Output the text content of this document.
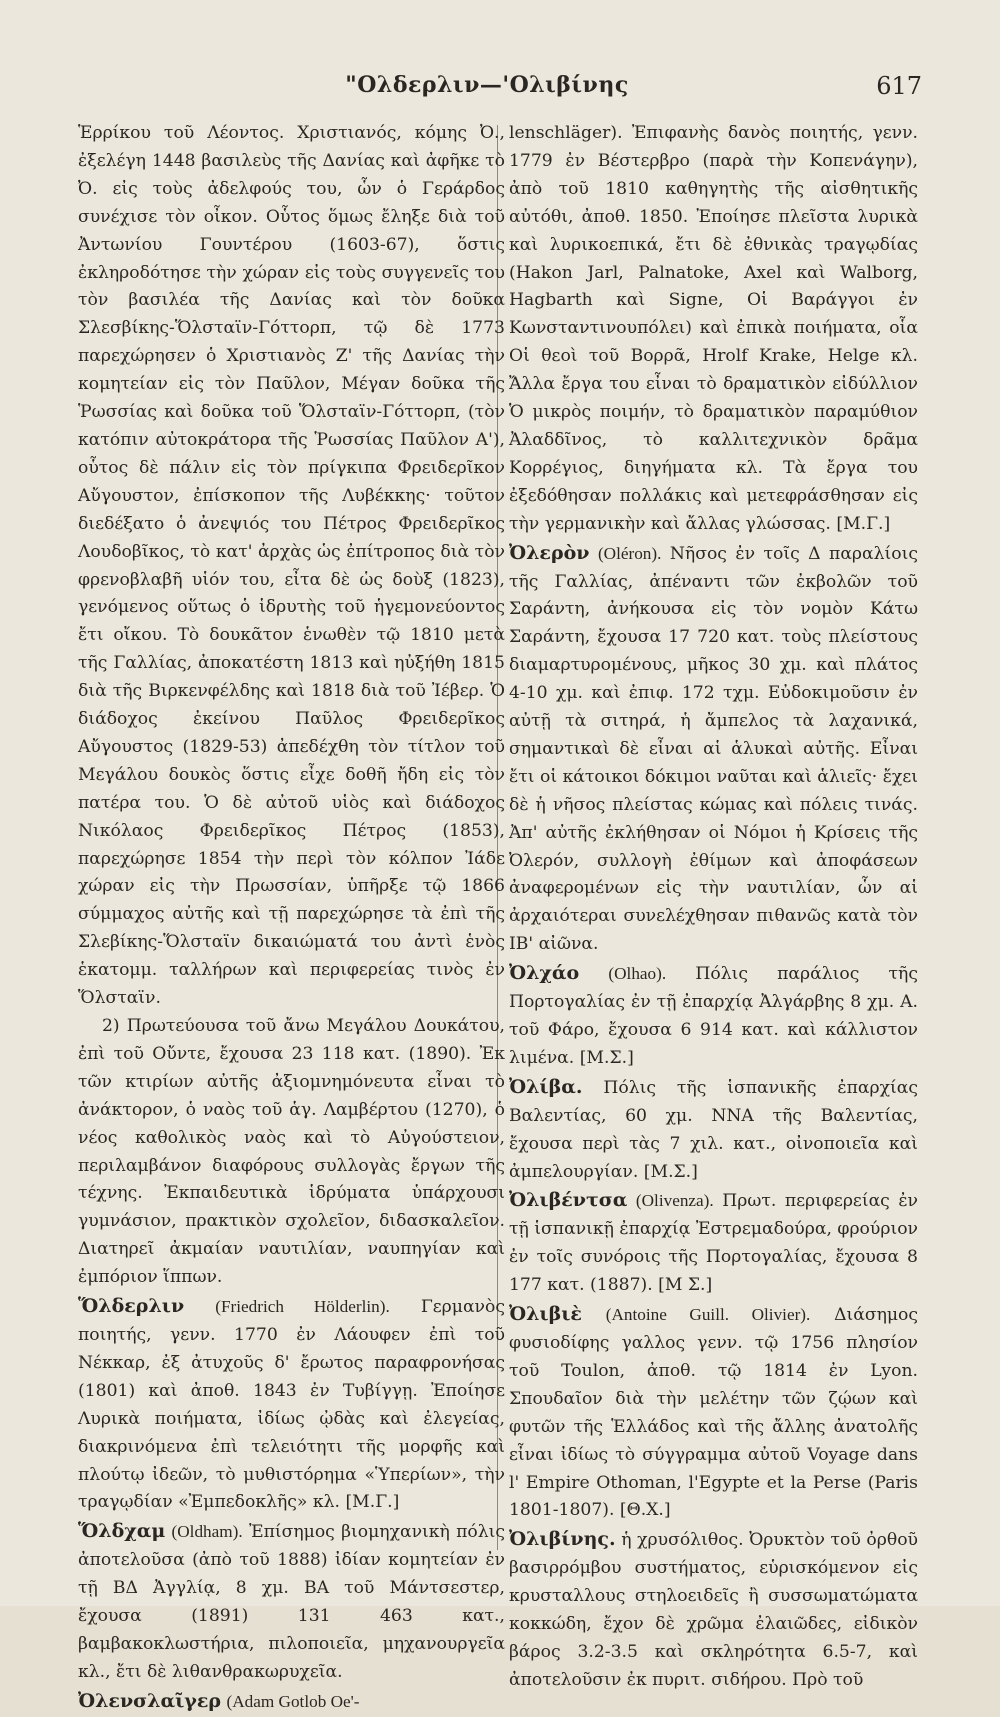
"Ολδερλιν—'Ολιβίνης	617

Ἑρρίκου τοῦ Λέοντος. Χριστιανός, κόμης Ὀ., ἐξελέγη 1448 βασιλεὺς τῆς Δανίας καὶ ἀφῆκε τὸ Ὀ. εἰς τοὺς ἀδελφούς του, ὧν ὁ Γεράρδος συνέχισε τὸν οἶκον. Οὗτος ὅμως ἔληξε διὰ τοῦ Ἀντωνίου Γουντέρου (1603-67), ὅστις ἐκληροδότησε τὴν χώραν εἰς τοὺς συγγενεῖς του τὸν βασιλέα τῆς Δανίας καὶ τὸν δοῦκα Σλεσβίκης-Ὅλσταϊν-Γόττορπ, τῷ δὲ 1773 παρεχώρησεν ὁ Χριστιανὸς Ζ' τῆς Δανίας τὴν κομητείαν εἰς τὸν Παῦλον, Μέγαν δοῦκα τῆς Ῥωσσίας καὶ δοῦκα τοῦ Ὅλσταϊν-Γόττορπ, (τὸν κατόπιν αὐτοκράτορα τῆς Ῥωσσίας Παῦλον Α'), οὗτος δὲ πάλιν εἰς τὸν πρίγκιπα Φρειδερῖκον Αὔγουστον, ἐπίσκοπον τῆς Λυβέκκης· τοῦτον διεδέξατο ὁ ἀνεψιός του Πέτρος Φρειδερῖκος Λουδοβῖκος, τὸ κατ' ἀρχὰς ὡς ἐπίτροπος διὰ τὸν φρενοβλαβῆ υἱόν του, εἶτα δὲ ὡς δοὺξ (1823), γενόμενος οὕτως ὁ ἱδρυτὴς τοῦ ἡγεμονεύοντος ἔτι οἴκου. Τὸ δουκᾶτον ἑνωθὲν τῷ 1810 μετὰ τῆς Γαλλίας, ἀποκατέστη 1813 καὶ ηὐξήθη 1815 διὰ τῆς Βιρκενφέλδης καὶ 1818 διὰ τοῦ Ἰέβερ. Ὁ διάδοχος ἐκείνου Παῦλος Φρειδερῖκος Αὔγουστος (1829-53) ἀπεδέχθη τὸν τίτλον τοῦ Μεγάλου δουκὸς ὅστις εἶχε δοθῆ ἤδη εἰς τὸν πατέρα του. Ὁ δὲ αὐτοῦ υἱὸς καὶ διάδοχος Νικόλαος Φρειδερῖκος Πέτρος (1853), παρεχώρησε 1854 τὴν περὶ τὸν κόλπον Ἰάδε χώραν εἰς τὴν Πρωσσίαν, ὑπῆρξε τῷ 1866 σύμμαχος αὐτῆς καὶ τῇ παρεχώρησε τὰ ἐπὶ τῆς Σλεβίκης-Ὅλσταϊν δικαιώματά του ἀντὶ ἑνὸς ἑκατομμ. ταλλήρων καὶ περιφερείας τινὸς ἐν Ὅλσταϊν.

2) Πρωτεύουσα τοῦ ἄνω Μεγάλου Δουκάτου, ἐπὶ τοῦ Οὔντε, ἔχουσα 23 118 κατ. (1890). Ἐκ τῶν κτιρίων αὐτῆς ἀξιομνημόνευτα εἶναι τὸ ἀνάκτορον, ὁ ναὸς τοῦ ἁγ. Λαμβέρτου (1270), ὁ νέος καθολικὸς ναὸς καὶ τὸ Αὐγούστειον, περιλαμβάνον διαφόρους συλλογὰς ἔργων τῆς τέχνης. Ἐκπαιδευτικὰ ἱδρύματα ὑπάρχουσι γυμνάσιον, πρακτικὸν σχολεῖον, διδασκαλεῖον. Διατηρεῖ ἀκμαίαν ναυτιλίαν, ναυπηγίαν καὶ ἐμπόριον ἵππων.

Ὅλδερλιν (Friedrich Hölderlin). Γερμανὸς ποιητής, γενν. 1770 ἐν Λάουφεν ἐπὶ τοῦ Νέκκαρ, ἐξ ἀτυχοῦς δ' ἔρωτος παραφρονήσας (1801) καὶ ἀποθ. 1843 ἐν Τυβίγγῃ. Ἐποίησε Λυρικὰ ποιήματα, ἰδίως ᾠδὰς καὶ ἐλεγείας, διακρινόμενα ἐπὶ τελειότητι τῆς μορφῆς καὶ πλούτῳ ἰδεῶν, τὸ μυθιστόρημα «Ὑπερίων», τὴν τραγῳδίαν «Ἐμπεδοκλῆς» κλ. [Μ.Γ.]

Ὅλδχαμ (Oldham). Ἐπίσημος βιομηχανικὴ πόλις ἀποτελοῦσα (ἀπὸ τοῦ 1888) ἰδίαν κομητείαν ἐν τῇ ΒΔ Ἀγγλίᾳ, 8 χμ. ΒΑ τοῦ Μάντσεστερ, ἔχουσα (1891) 131 463 κατ., βαμβακοκλωστήρια, πιλοποιεῖα, μηχανουργεῖα κλ., ἔτι δὲ λιθανθρακωρυχεῖα.

Ὀλενσλαῖγερ (Adam Gotlob Oe'-

lenschläger). Ἐπιφανὴς δανὸς ποιητής, γενν. 1779 ἐν Βέστερβρο (παρὰ τὴν Κοπενάγην), ἀπὸ τοῦ 1810 καθηγητὴς τῆς αἰσθητικῆς αὐτόθι, ἀποθ. 1850. Ἐποίησε πλεῖστα λυρικὰ καὶ λυρικοεπικά, ἔτι δὲ ἐθνικὰς τραγῳδίας (Hakon Jarl, Palnatoke, Axel καὶ Walborg, Hagbarth καὶ Signe, Οἱ Βαράγγοι ἐν Κωνσταντινουπόλει) καὶ ἐπικὰ ποιήματα, οἷα Οἱ θεοὶ τοῦ Βορρᾶ, Hrolf Krake, Helge κλ. Ἄλλα ἔργα του εἶναι τὸ δραματικὸν εἰδύλλιον Ὁ μικρὸς ποιμήν, τὸ δραματικὸν παραμύθιον Ἀλαδδῖνος, τὸ καλλιτεχνικὸν δρᾶμα Κορρέγιος, διηγήματα κλ. Τὰ ἔργα του ἐξεδόθησαν πολλάκις καὶ μετεφράσθησαν εἰς τὴν γερμανικὴν καὶ ἄλλας γλώσσας. [Μ.Γ.]

Ὀλερὸν (Oléron). Νῆσος ἐν τοῖς Δ παραλίοις τῆς Γαλλίας, ἀπέναντι τῶν ἐκβολῶν τοῦ Σαράντη, ἀνήκουσα εἰς τὸν νομὸν Κάτω Σαράντη, ἔχουσα 17 720 κατ. τοὺς πλείστους διαμαρτυρομένους, μῆκος 30 χμ. καὶ πλάτος 4-10 χμ. καὶ ἐπιφ. 172 τχμ. Εὐδοκιμοῦσιν ἐν αὐτῇ τὰ σιτηρά, ἡ ἄμπελος τὰ λαχανικά, σημαντικαὶ δὲ εἶναι αἱ ἁλυκαὶ αὐτῆς. Εἶναι ἔτι οἱ κάτοικοι δόκιμοι ναῦται καὶ ἁλιεῖς· ἔχει δὲ ἡ νῆσος πλείστας κώμας καὶ πόλεις τινάς. Ἀπ' αὐτῆς ἐκλήθησαν οἱ Νόμοι ἡ Κρίσεις τῆς Ὀλερόν, συλλογὴ ἐθίμων καὶ ἀποφάσεων ἀναφερομένων εἰς τὴν ναυτιλίαν, ὧν αἱ ἀρχαιότεραι συνελέχθησαν πιθανῶς κατὰ τὸν ΙΒ' αἰῶνα.

Ὀλχάο (Olhao). Πόλις παράλιος τῆς Πορτογαλίας ἐν τῇ ἐπαρχίᾳ Ἀλγάρβης 8 χμ. Α. τοῦ Φάρο, ἔχουσα 6 914 κατ. καὶ κάλλιστον λιμένα. [Μ.Σ.]

Ὀλίβα. Πόλις τῆς ἱσπανικῆς ἐπαρχίας Βαλεντίας, 60 χμ. ΝΝΑ τῆς Βαλεντίας, ἔχουσα περὶ τὰς 7 χιλ. κατ., οἰνοποιεῖα καὶ ἀμπελουργίαν. [Μ.Σ.]

Ὀλιβέντσα (Olivenza). Πρωτ. περιφερείας ἐν τῇ ἱσπανικῇ ἐπαρχίᾳ Ἐστρεμαδούρα, φρούριον ἐν τοῖς συνόροις τῆς Πορτογαλίας, ἔχουσα 8 177 κατ. (1887). [Μ Σ.]

Ὀλιβιὲ (Antoine Guill. Olivier). Διάσημος φυσιοδίφης γαλλος γενν. τῷ 1756 πλησίον τοῦ Toulon, ἀποθ. τῷ 1814 ἐν Lyon. Σπουδαῖον διὰ τὴν μελέτην τῶν ζῴων καὶ φυτῶν τῆς Ἑλλάδος καὶ τῆς ἄλλης ἀνατολῆς εἶναι ἰδίως τὸ σύγγραμμα αὐτοῦ Voyage dans l' Empire Othoman, l'Egypte et la Perse (Paris 1801-1807). [Θ.Χ.]

Ὀλιβίνης. ἡ χρυσόλιθος. Ὀρυκτὸν τοῦ ὀρθοῦ βασιρρόμβου συστήματος, εὑρισκόμενον εἰς κρυσταλλους στηλοειδεῖς ἢ συσσωματώματα κοκκώδη, ἔχον δὲ χρῶμα ἐλαιῶδες, εἰδικὸν βάρος 3.2-3.5 καὶ σκληρότητα 6.5-7, καὶ ἀποτελοῦσιν ἐκ πυριτ. σιδήρου. Πρὸ τοῦ
